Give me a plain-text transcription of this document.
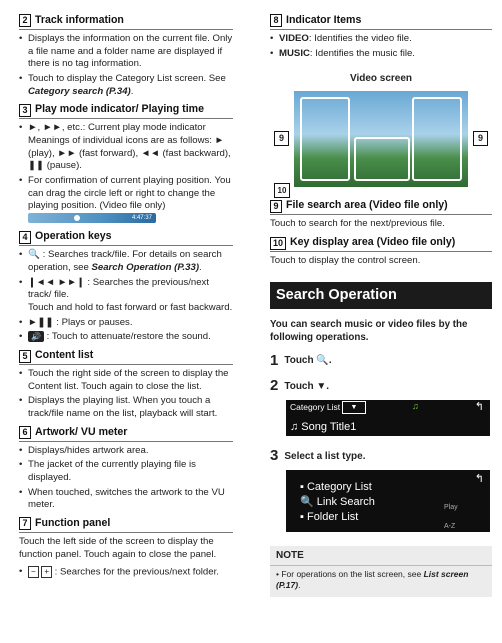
2 Track information
• Displays the information on the current file. Only a file name and a folder name are displayed if there is no tag information.
• Touch to display the Category List screen. See Category search (P.34).
3 Play mode indicator/ Playing time
• ►, ►►, etc.: Current play mode indicator Meanings of individual icons are as follows: ► (play), ►► (fast forward), ◄◄ (fast backward), ❚❚ (pause).
• For confirmation of current playing position. You can drag the circle left or right to change the playing position. (Video file only)

4:47:37
4 Operation keys
• 🔍 : Searches track/file. For details on search operation, see Search Operation (P.33).
• ❙◄◄ ►►❙ : Searches the previous/next track/ file.
Touch and hold to fast forward or fast backward.
• ►❚❚ : Plays or pauses.
• 🔊 : Touch to attenuate/restore the sound.
5 Content list
• Touch the right side of the screen to display the Content list. Touch again to close the list.
• Displays the playing list. When you touch a track/file name on the list, playback will start.
6 Artwork/ VU meter
• Displays/hides artwork area.
• The jacket of the currently playing file is displayed.
• When touched, switches the artwork to the VU meter.
7 Function panel

Touch the left side of the screen to display the function panel. Touch again to close the panel.

• − + : Searches for the previous/next folder.
8 Indicator Items
• VIDEO: Identifies the video file.
• MUSIC: Identifies the music file.
Video screen
9	9
10
9 File search area (Video file only)

Touch to search for the next/previous file.

10 Key display area (Video file only)

Touch to display the control screen.

Search Operation

You can search music or video files by the following operations.

1 Touch 🔍.
2 Touch ▼.
Category List	▼	♫	↰
♫ Song Title1
3 Select a list type.
▪ Category List
🔍 Link Search
▪ Folder List
↰
Play
A-Z
NOTE
• For operations on the list screen, see List screen (P.17).
